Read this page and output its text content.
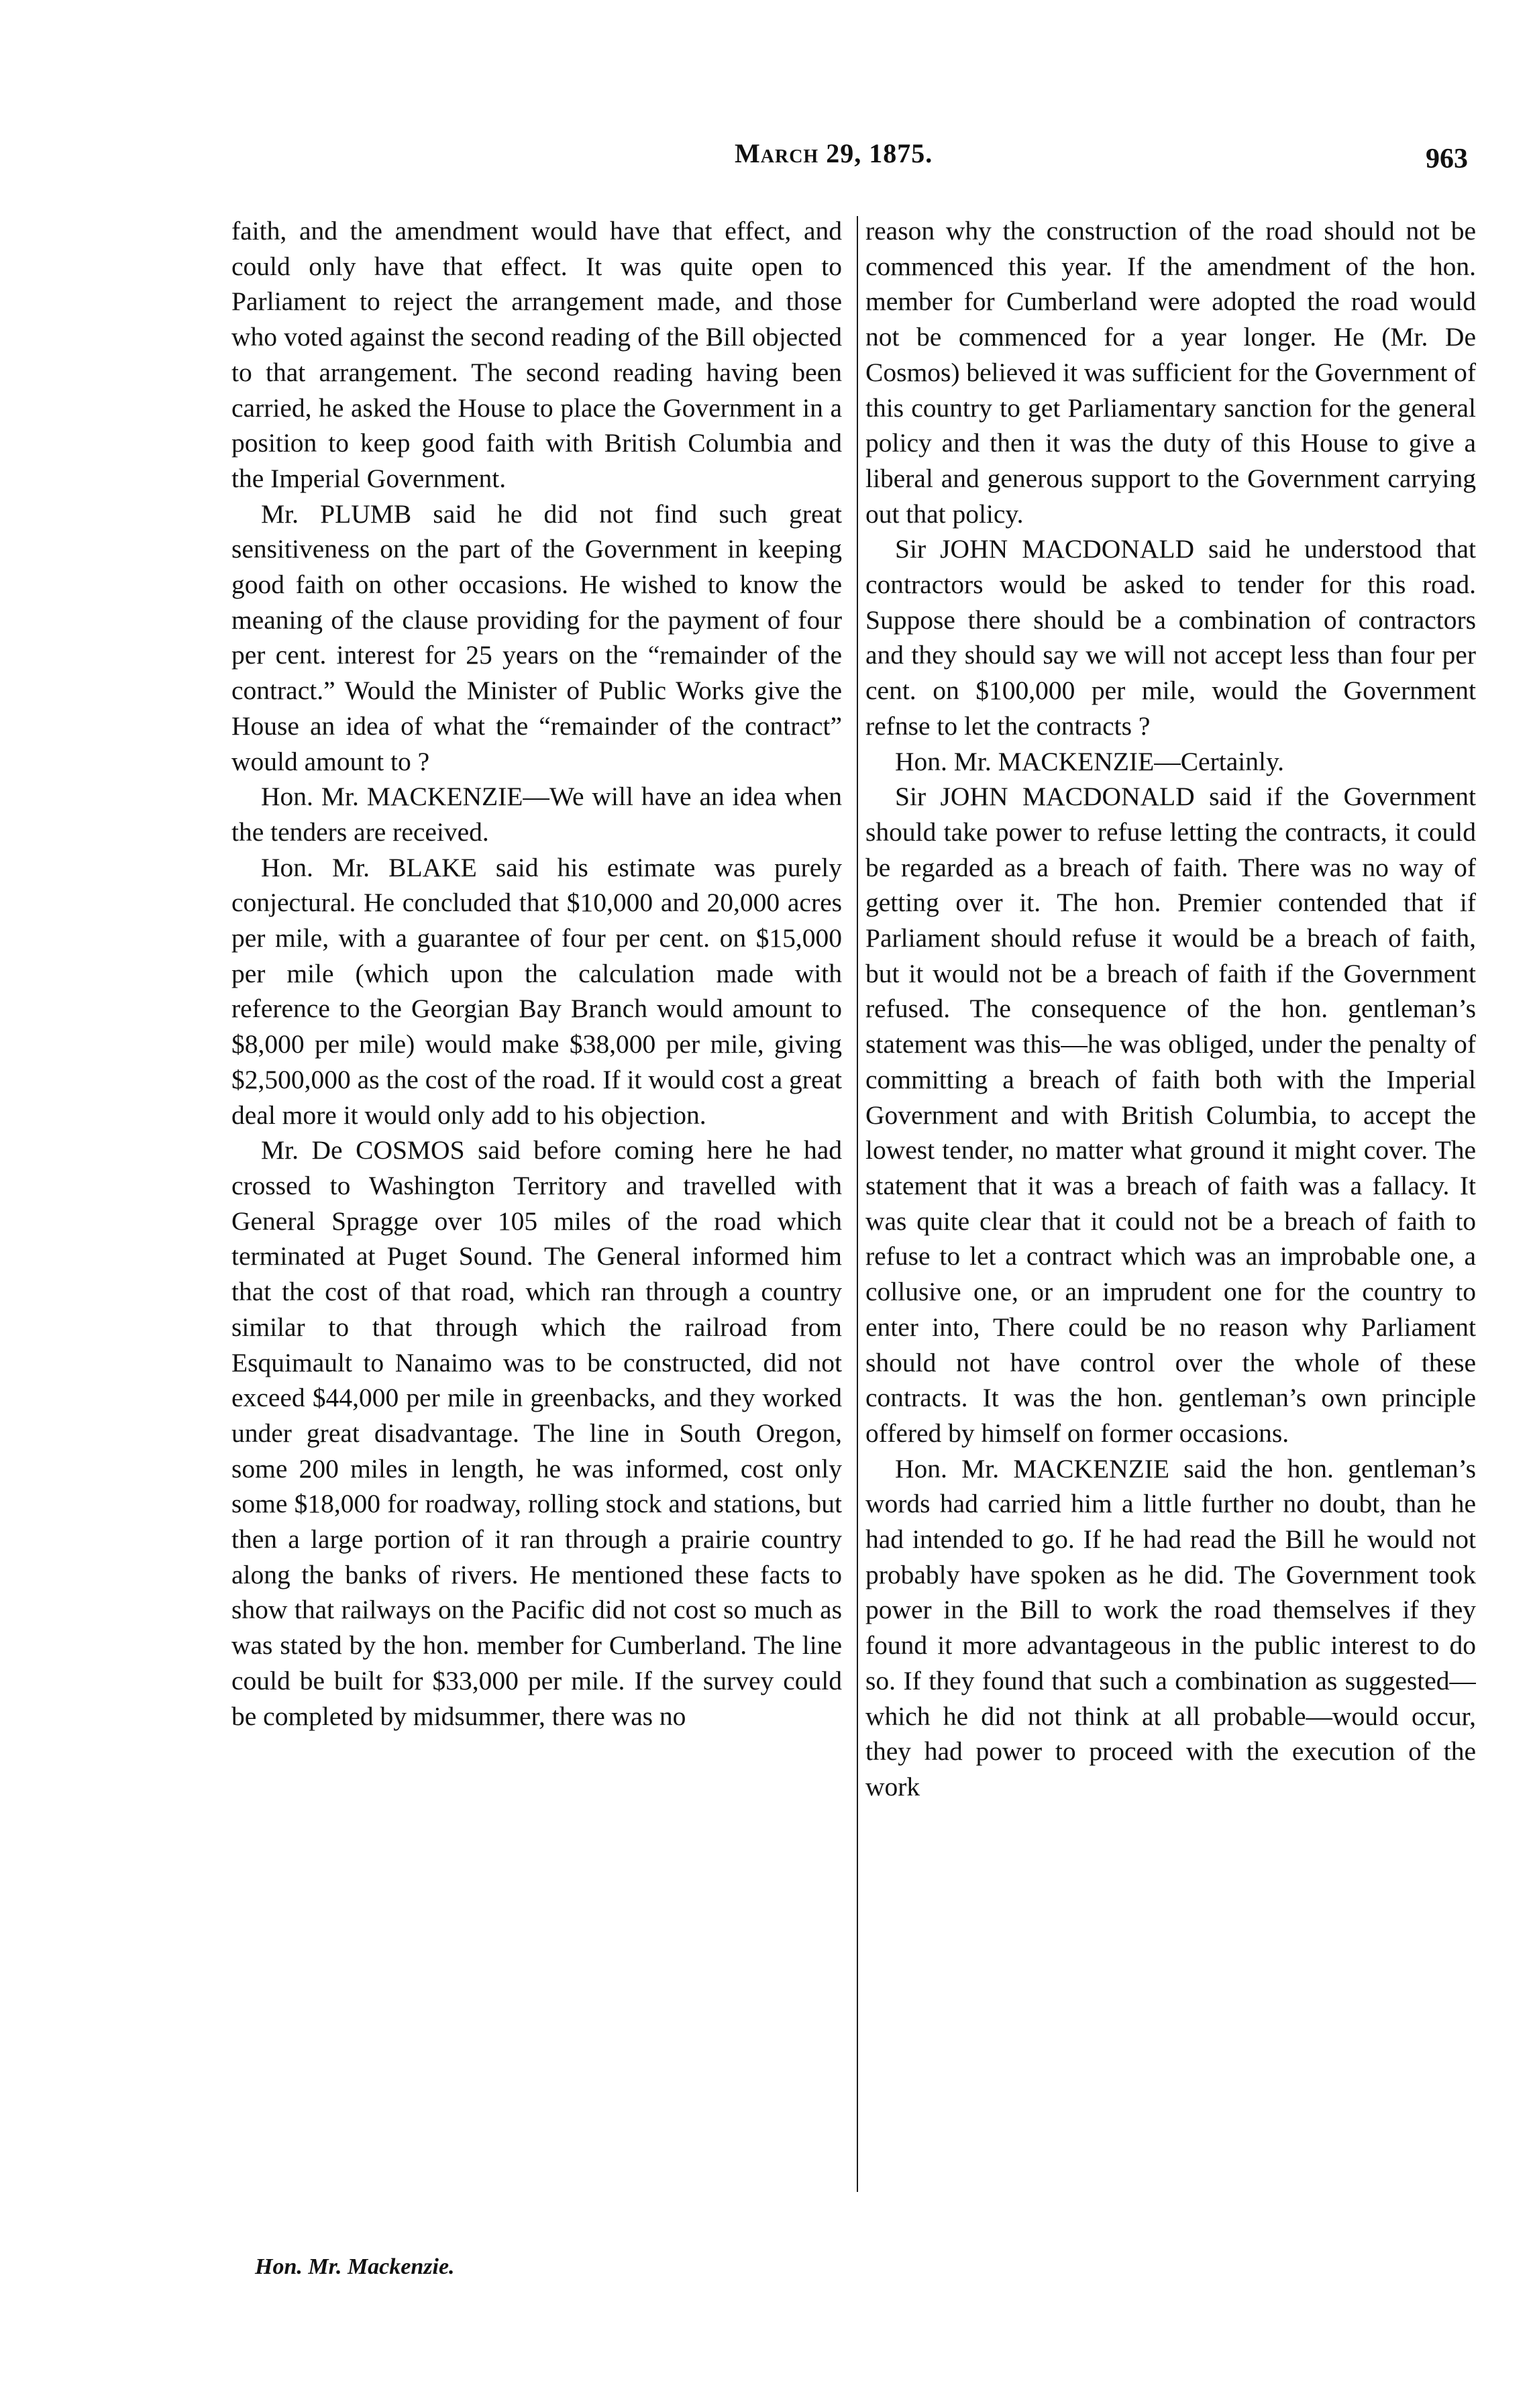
March 29, 1875.	963

faith, and the amendment would have that effect, and could only have that effect. It was quite open to Parliament to reject the arrangement made, and those who voted against the second reading of the Bill objected to that arrangement. The second reading having been carried, he asked the House to place the Government in a position to keep good faith with British Columbia and the Imperial Government.

Mr. PLUMB said he did not find such great sensitiveness on the part of the Government in keeping good faith on other occasions. He wished to know the meaning of the clause providing for the payment of four per cent. interest for 25 years on the “remainder of the contract.” Would the Minister of Public Works give the House an idea of what the “remainder of the contract” would amount to ?

Hon. Mr. MACKENZIE—We will have an idea when the tenders are received.

Hon. Mr. BLAKE said his estimate was purely conjectural. He concluded that $10,000 and 20,000 acres per mile, with a guarantee of four per cent. on $15,000 per mile (which upon the calculation made with reference to the Georgian Bay Branch would amount to $8,000 per mile) would make $38,000 per mile, giving $2,500,000 as the cost of the road. If it would cost a great deal more it would only add to his objection.

Mr. De COSMOS said before coming here he had crossed to Washington Territory and travelled with General Spragge over 105 miles of the road which terminated at Puget Sound. The General informed him that the cost of that road, which ran through a country similar to that through which the railroad from Esquimault to Nanaimo was to be constructed, did not exceed $44,000 per mile in greenbacks, and they worked under great disadvantage. The line in South Oregon, some 200 miles in length, he was informed, cost only some $18,000 for roadway, rolling stock and stations, but then a large portion of it ran through a prairie country along the banks of rivers. He mentioned these facts to show that railways on the Pacific did not cost so much as was stated by the hon. member for Cumberland. The line could be built for $33,000 per mile. If the survey could be completed by midsummer, there was no

reason why the construction of the road should not be commenced this year. If the amendment of the hon. member for Cumberland were adopted the road would not be commenced for a year longer. He (Mr. De Cosmos) believed it was sufficient for the Government of this country to get Parliamentary sanction for the general policy and then it was the duty of this House to give a liberal and generous support to the Government carrying out that policy.

Sir JOHN MACDONALD said he understood that contractors would be asked to tender for this road. Suppose there should be a combination of contractors and they should say we will not accept less than four per cent. on $100,000 per mile, would the Government refnse to let the contracts ?

Hon. Mr. MACKENZIE—Certainly.

Sir JOHN MACDONALD said if the Government should take power to refuse letting the contracts, it could be regarded as a breach of faith. There was no way of getting over it. The hon. Premier contended that if Parliament should refuse it would be a breach of faith, but it would not be a breach of faith if the Government refused. The consequence of the hon. gentleman’s statement was this—he was obliged, under the penalty of committing a breach of faith both with the Imperial Government and with British Columbia, to accept the lowest tender, no matter what ground it might cover. The statement that it was a breach of faith was a fallacy. It was quite clear that it could not be a breach of faith to refuse to let a contract which was an improbable one, a collusive one, or an imprudent one for the country to enter into, There could be no reason why Parliament should not have control over the whole of these contracts. It was the hon. gentleman’s own principle offered by himself on former occasions.

Hon. Mr. MACKENZIE said the hon. gentleman’s words had carried him a little further no doubt, than he had intended to go. If he had read the Bill he would not probably have spoken as he did. The Government took power in the Bill to work the road themselves if they found it more advantageous in the public interest to do so. If they found that such a combination as suggested—which he did not think at all probable—would occur, they had power to proceed with the execution of the work

Hon. Mr. Mackenzie.
